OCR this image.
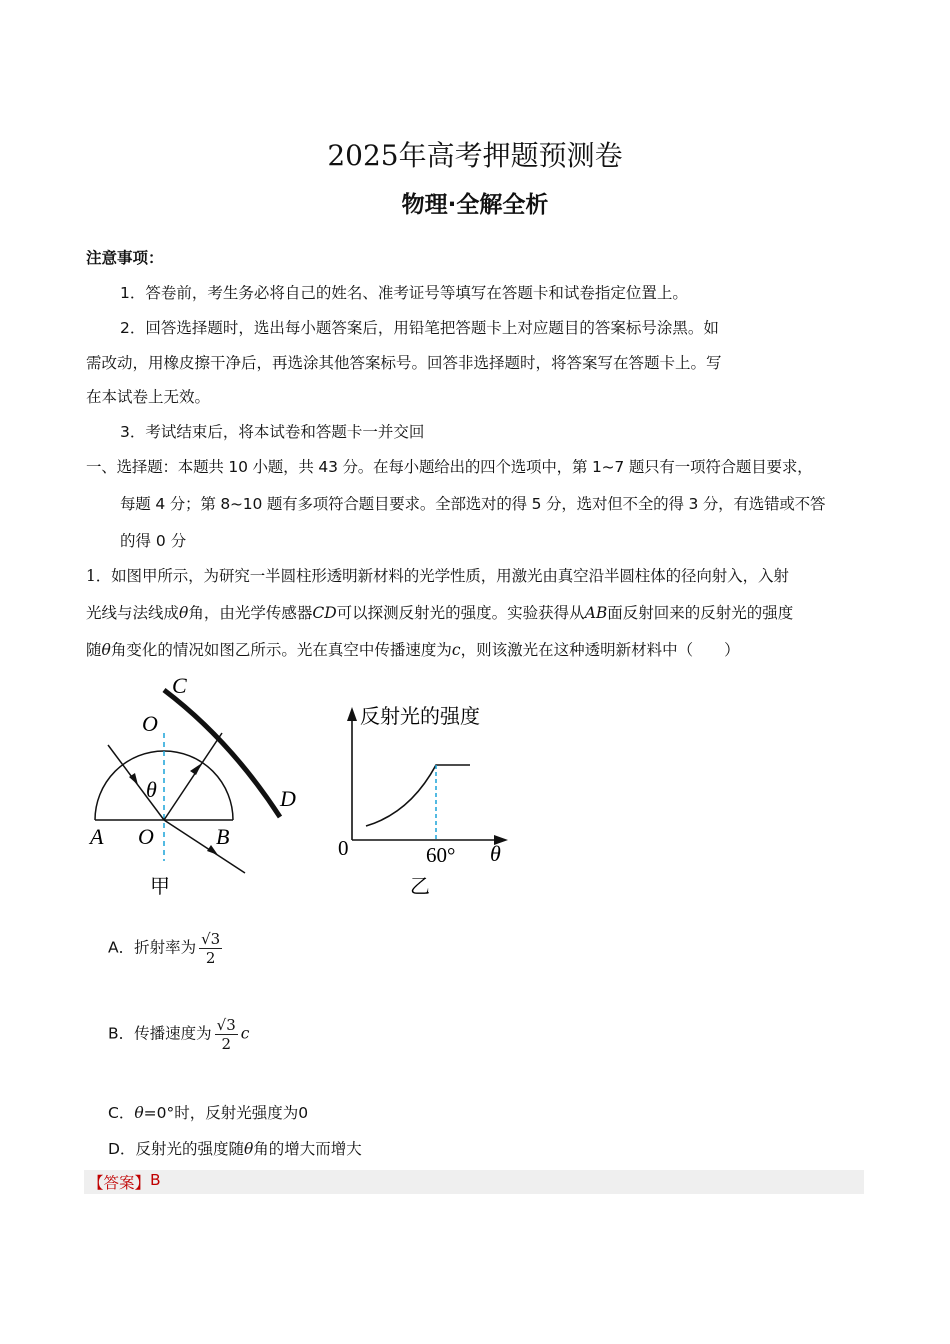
2025年高考押题预测卷
物理·全解全析
注意事项：
1．答卷前，考生务必将自己的姓名、准考证号等填写在答题卡和试卷指定位置上。
2．回答选择题时，选出每小题答案后，用铅笔把答题卡上对应题目的答案标号涂黑。如
需改动，用橡皮擦干净后，再选涂其他答案标号。回答非选择题时，将答案写在答题卡上。写
在本试卷上无效。
3．考试结束后，将本试卷和答题卡一并交回
一、选择题：本题共 10 小题，共 43 分。在每小题给出的四个选项中，第 1~7 题只有一项符合题目要求，
每题 4 分；第 8~10 题有多项符合题目要求。全部选对的得 5 分，选对但不全的得 3 分，有选错或不答
的得 0 分
1．如图甲所示，为研究一半圆柱形透明新材料的光学性质，用激光由真空沿半圆柱体的径向射入，入射
光线与法线成θ角，由光学传感器CD可以探测反射光的强度。实验获得从AB面反射回来的反射光的强度
随θ角变化的情况如图乙所示。光在真空中传播速度为c，则该激光在这种透明新材料中（　　）
C
O
θ	D
A O	B
甲
反射光的强度
0	60° θ
乙
A．折射率为 $\frac{√3}{2}$
B．传播速度为 $\frac{√3}{2}$ c
C．θ=0°时，反射光强度为0
D．反射光的强度随θ角的增大而增大
【答案】 B
